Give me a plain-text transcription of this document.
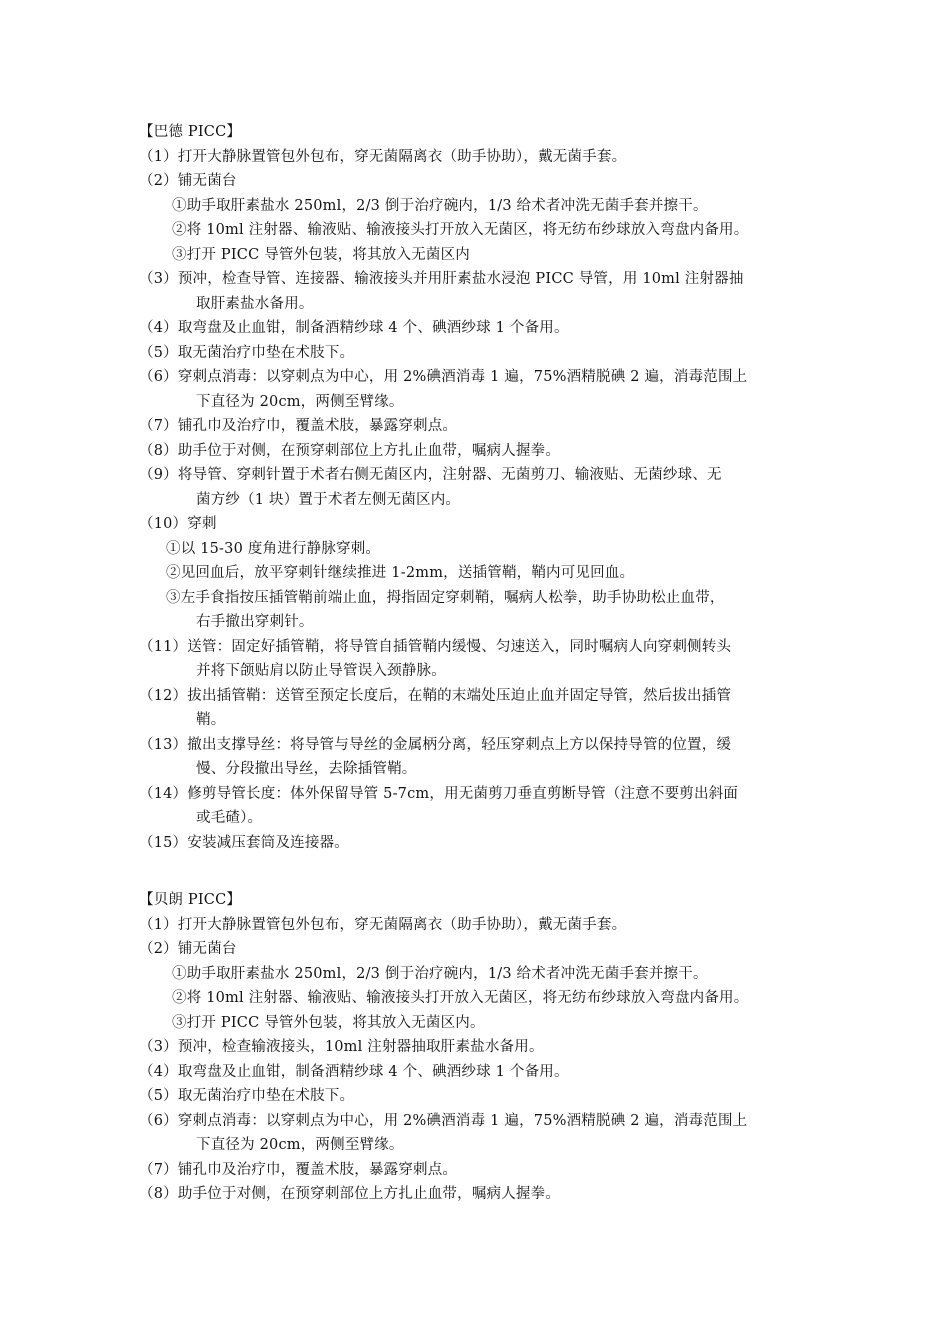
【巴德 PICC】
（1）打开大静脉置管包外包布，穿无菌隔离衣（助手协助），戴无菌手套。
（2）铺无菌台
①助手取肝素盐水 250ml，2/3 倒于治疗碗内，1/3 给术者冲洗无菌手套并擦干。
②将 10ml 注射器、输液贴、输液接头打开放入无菌区，将无纺布纱球放入弯盘内备用。
③打开 PICC 导管外包装，将其放入无菌区内
（3）预冲，检查导管、连接器、输液接头并用肝素盐水浸泡 PICC 导管，用 10ml 注射器抽
取肝素盐水备用。
（4）取弯盘及止血钳，制备酒精纱球 4 个、碘酒纱球 1 个备用。
（5）取无菌治疗巾垫在术肢下。
（6）穿刺点消毒：以穿刺点为中心，用 2%碘酒消毒 1 遍，75%酒精脱碘 2 遍，消毒范围上
下直径为 20cm，两侧至臂缘。
（7）铺孔巾及治疗巾，覆盖术肢，暴露穿刺点。
（8）助手位于对侧，在预穿刺部位上方扎止血带，嘱病人握拳。
（9）将导管、穿刺针置于术者右侧无菌区内，注射器、无菌剪刀、输液贴、无菌纱球、无
菌方纱（1 块）置于术者左侧无菌区内。
（10）穿刺
①以 15-30 度角进行静脉穿刺。
②见回血后，放平穿刺针继续推进 1-2mm，送插管鞘，鞘内可见回血。
③左手食指按压插管鞘前端止血，拇指固定穿刺鞘，嘱病人松拳，助手协助松止血带，
右手撤出穿刺针。
（11）送管：固定好插管鞘，将导管自插管鞘内缓慢、匀速送入，同时嘱病人向穿刺侧转头
并将下颌贴肩以防止导管误入颈静脉。
（12）拔出插管鞘：送管至预定长度后，在鞘的末端处压迫止血并固定导管，然后拔出插管
鞘。
（13）撤出支撑导丝：将导管与导丝的金属柄分离，轻压穿刺点上方以保持导管的位置，缓
慢、分段撤出导丝，去除插管鞘。
（14）修剪导管长度：体外保留导管 5-7cm，用无菌剪刀垂直剪断导管（注意不要剪出斜面
或毛碴）。
（15）安装减压套筒及连接器。
【贝朗 PICC】
（1）打开大静脉置管包外包布，穿无菌隔离衣（助手协助），戴无菌手套。
（2）铺无菌台
①助手取肝素盐水 250ml，2/3 倒于治疗碗内，1/3 给术者冲洗无菌手套并擦干。
②将 10ml 注射器、输液贴、输液接头打开放入无菌区，将无纺布纱球放入弯盘内备用。
③打开 PICC 导管外包装，将其放入无菌区内。
（3）预冲，检查输液接头，10ml 注射器抽取肝素盐水备用。
（4）取弯盘及止血钳，制备酒精纱球 4 个、碘酒纱球 1 个备用。
（5）取无菌治疗巾垫在术肢下。
（6）穿刺点消毒：以穿刺点为中心，用 2%碘酒消毒 1 遍，75%酒精脱碘 2 遍，消毒范围上
下直径为 20cm，两侧至臂缘。
（7）铺孔巾及治疗巾，覆盖术肢，暴露穿刺点。
（8）助手位于对侧，在预穿刺部位上方扎止血带，嘱病人握拳。
